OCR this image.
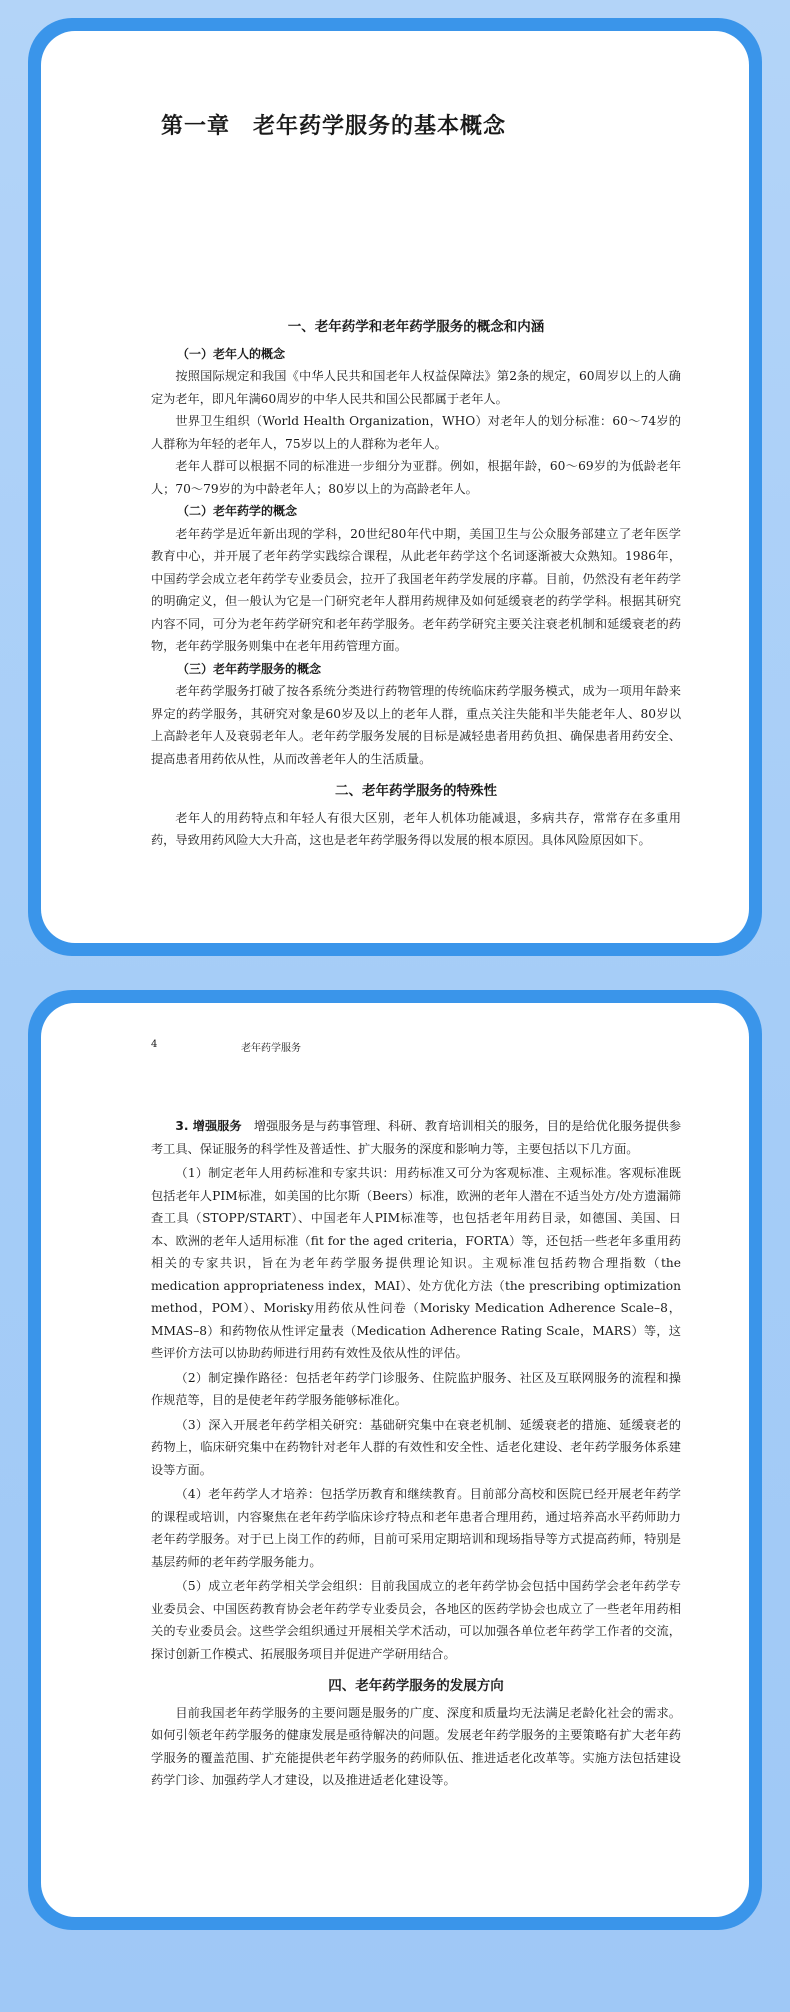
第一章　老年药学服务的基本概念
一、老年药学和老年药学服务的概念和内涵
（一）老年人的概念

按照国际规定和我国《中华人民共和国老年人权益保障法》第2条的规定，60周岁以上的人确定为老年，即凡年满60周岁的中华人民共和国公民都属于老年人。

世界卫生组织（World Health Organization，WHO）对老年人的划分标准：60～74岁的人群称为年轻的老年人，75岁以上的人群称为老年人。

老年人群可以根据不同的标准进一步细分为亚群。例如，根据年龄，60～69岁的为低龄老年人；70～79岁的为中龄老年人；80岁以上的为高龄老年人。

（二）老年药学的概念

老年药学是近年新出现的学科，20世纪80年代中期，美国卫生与公众服务部建立了老年医学教育中心，并开展了老年药学实践综合课程，从此老年药学这个名词逐渐被大众熟知。1986年，中国药学会成立老年药学专业委员会，拉开了我国老年药学发展的序幕。目前，仍然没有老年药学的明确定义，但一般认为它是一门研究老年人群用药规律及如何延缓衰老的药学学科。根据其研究内容不同，可分为老年药学研究和老年药学服务。老年药学研究主要关注衰老机制和延缓衰老的药物，老年药学服务则集中在老年用药管理方面。

（三）老年药学服务的概念

老年药学服务打破了按各系统分类进行药物管理的传统临床药学服务模式，成为一项用年龄来界定的药学服务，其研究对象是60岁及以上的老年人群，重点关注失能和半失能老年人、80岁以上高龄老年人及衰弱老年人。老年药学服务发展的目标是减轻患者用药负担、确保患者用药安全、提高患者用药依从性，从而改善老年人的生活质量。

二、老年药学服务的特殊性

老年人的用药特点和年轻人有很大区别，老年人机体功能减退，多病共存，常常存在多重用药，导致用药风险大大升高，这也是老年药学服务得以发展的根本原因。具体风险原因如下。

4	老年药学服务

3. 增强服务　 增强服务是与药事管理、科研、教育培训相关的服务，目的是给优化服务提供参考工具、保证服务的科学性及普适性、扩大服务的深度和影响力等，主要包括以下几方面。

（1）制定老年人用药标准和专家共识：用药标准又可分为客观标准、主观标准。客观标准既包括老年人PIM标准，如美国的比尔斯（Beers）标准，欧洲的老年人潜在不适当处方/处方遗漏筛查工具（STOPP/START）、中国老年人PIM标准等，也包括老年用药目录，如德国、美国、日本、欧洲的老年人适用标准（fit for the aged criteria，FORTA）等，还包括一些老年多重用药相关的专家共识，旨在为老年药学服务提供理论知识。主观标准包括药物合理指数（the medication appropriateness index，MAI）、处方优化方法（the prescribing optimization method，POM）、Morisky用药依从性问卷（Morisky Medication Adherence Scale–8，MMAS–8）和药物依从性评定量表（Medication Adherence Rating Scale，MARS）等，这些评价方法可以协助药师进行用药有效性及依从性的评估。

（2）制定操作路径：包括老年药学门诊服务、住院监护服务、社区及互联网服务的流程和操作规范等，目的是使老年药学服务能够标准化。

（3）深入开展老年药学相关研究：基础研究集中在衰老机制、延缓衰老的措施、延缓衰老的药物上，临床研究集中在药物针对老年人群的有效性和安全性、适老化建设、老年药学服务体系建设等方面。

（4）老年药学人才培养：包括学历教育和继续教育。目前部分高校和医院已经开展老年药学的课程或培训，内容聚焦在老年药学临床诊疗特点和老年患者合理用药，通过培养高水平药师助力老年药学服务。对于已上岗工作的药师，目前可采用定期培训和现场指导等方式提高药师，特别是基层药师的老年药学服务能力。

（5）成立老年药学相关学会组织：目前我国成立的老年药学协会包括中国药学会老年药学专业委员会、中国医药教育协会老年药学专业委员会，各地区的医药学协会也成立了一些老年用药相关的专业委员会。这些学会组织通过开展相关学术活动，可以加强各单位老年药学工作者的交流，探讨创新工作模式、拓展服务项目并促进产学研用结合。

四、老年药学服务的发展方向

目前我国老年药学服务的主要问题是服务的广度、深度和质量均无法满足老龄化社会的需求。如何引领老年药学服务的健康发展是亟待解决的问题。发展老年药学服务的主要策略有扩大老年药学服务的覆盖范围、扩充能提供老年药学服务的药师队伍、推进适老化改革等。实施方法包括建设药学门诊、加强药学人才建设，以及推进适老化建设等。
